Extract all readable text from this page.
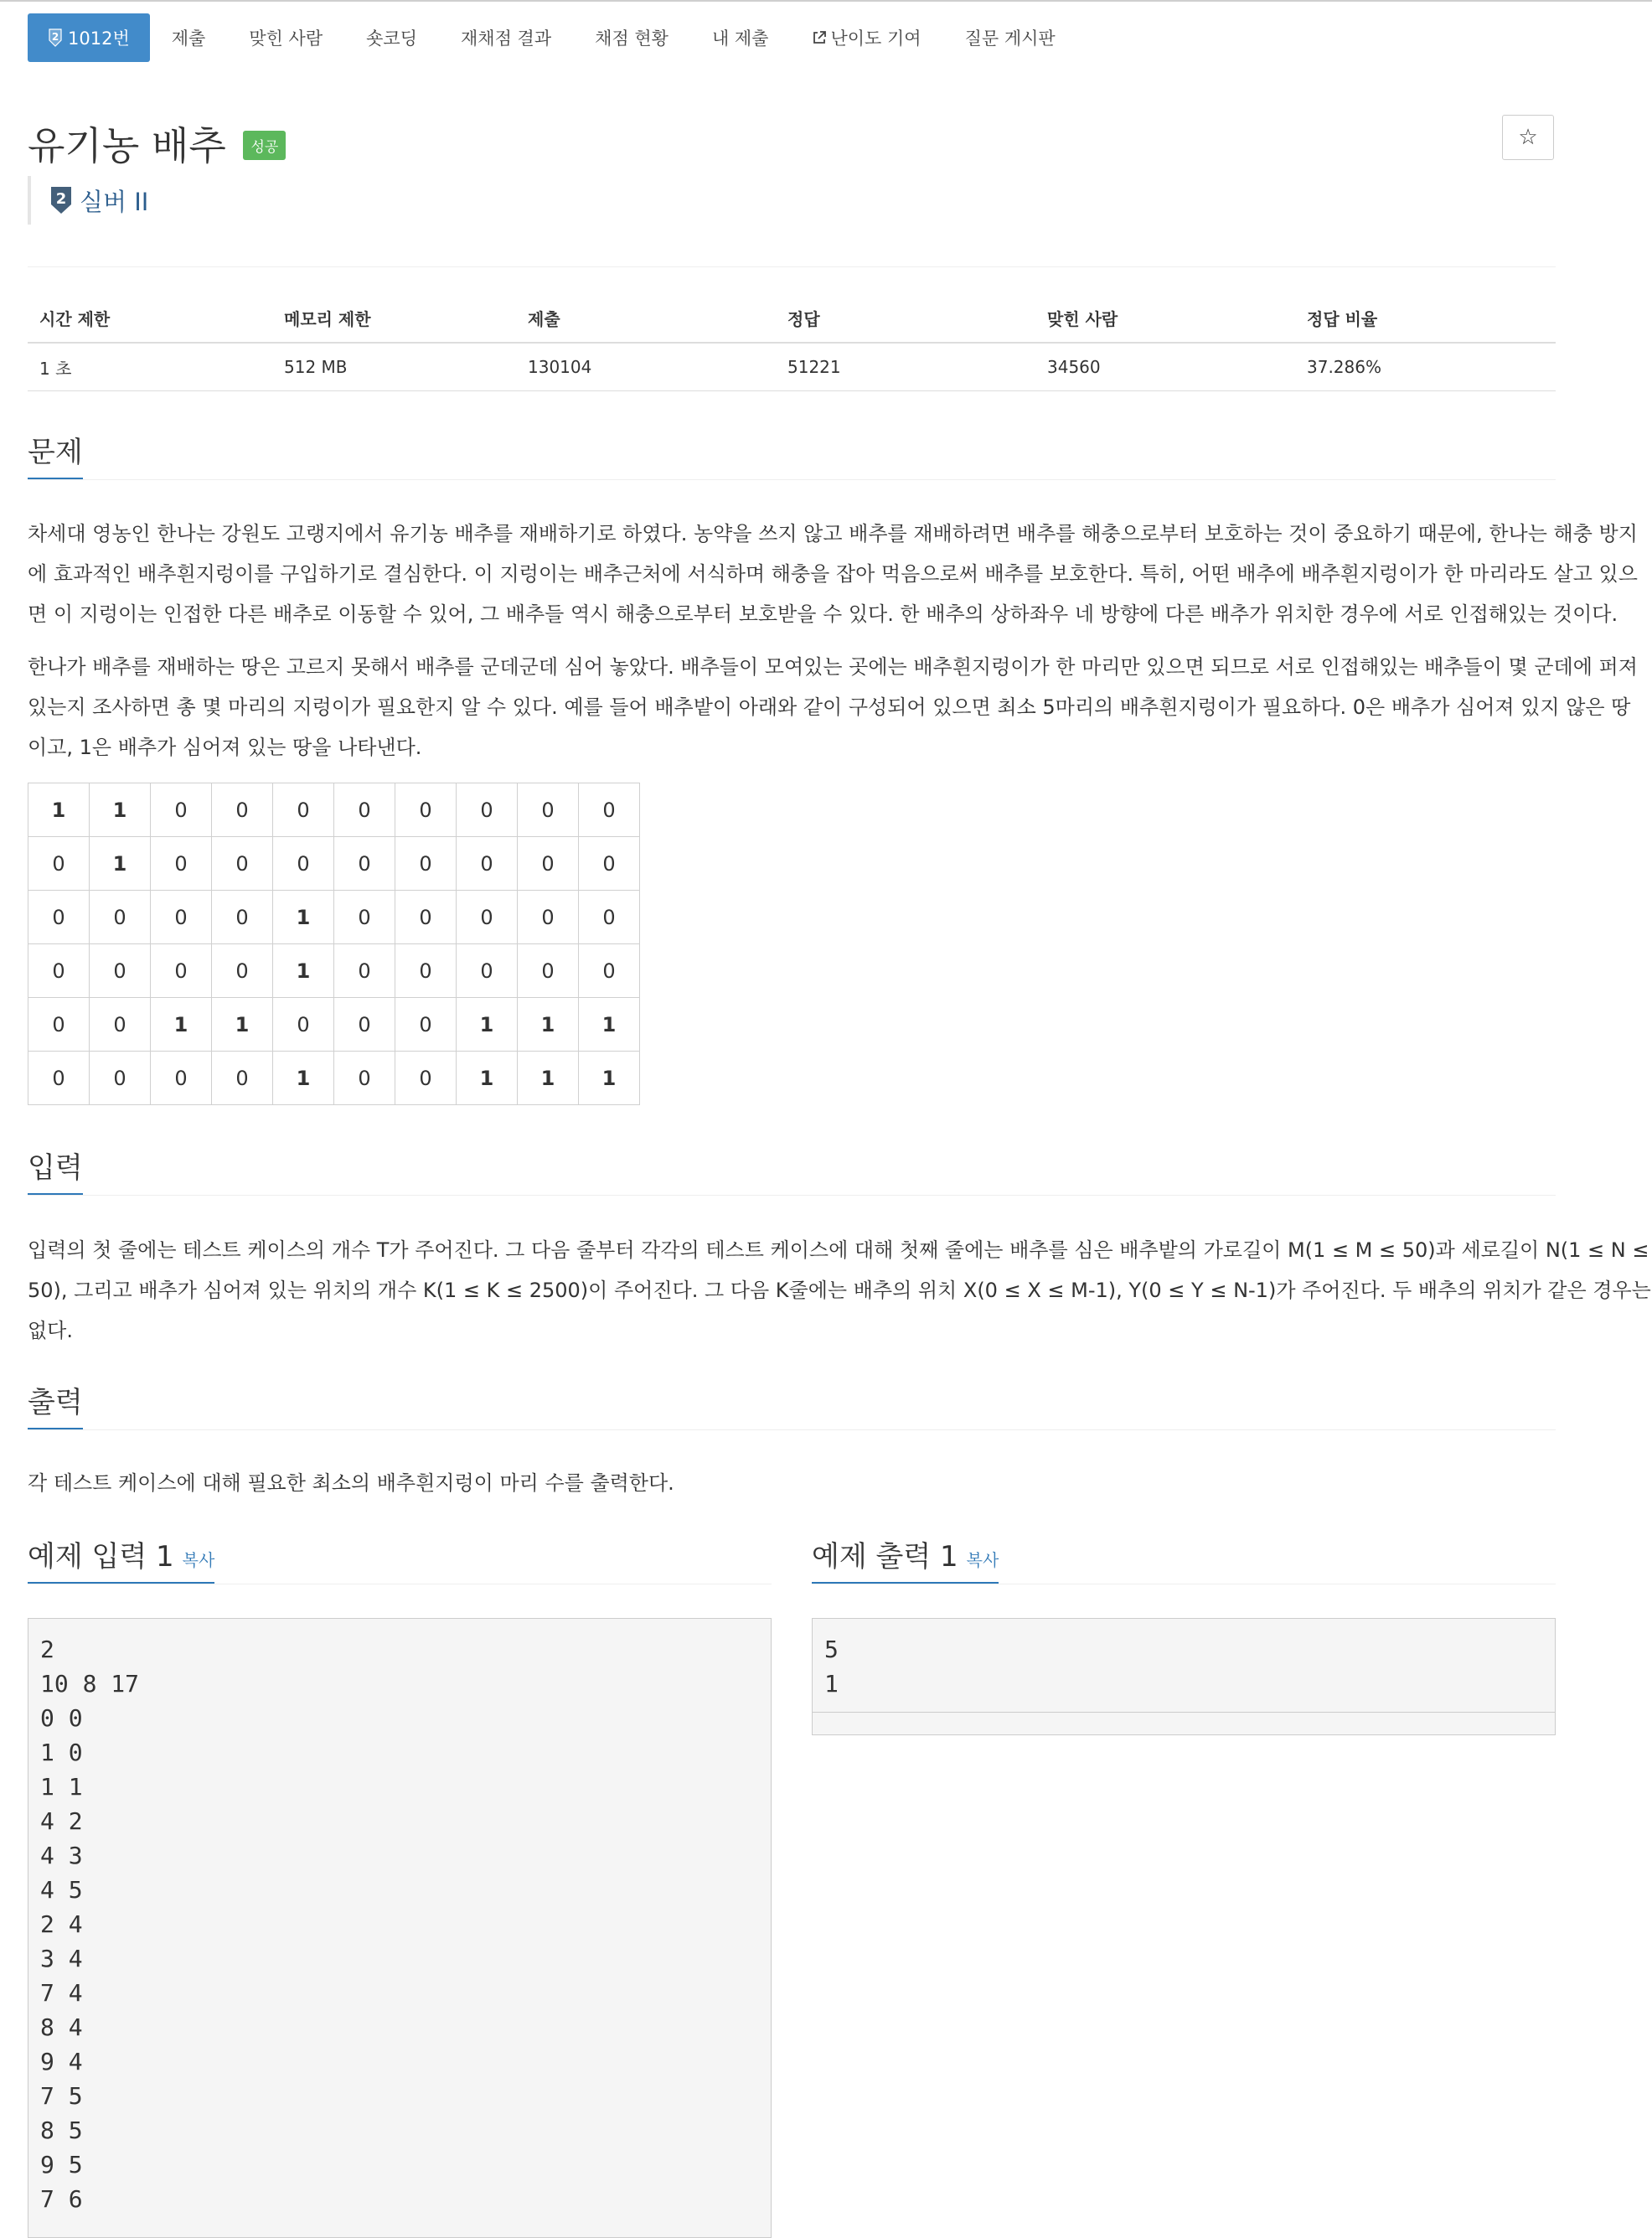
2 1012번 제출 맞힌 사람 숏코딩 재채점 결과 채점 현황 내 제출	난이도 기여 질문 게시판
유기농 배추 성공	☆
2 실버 II
시간 제한	메모리 제한	제출	정답	맞힌 사람	정답 비율
1 초	512 MB	130104	51221	34560	37.286%
문제
차세대 영농인 한나는 강원도 고랭지에서 유기농 배추를 재배하기로 하였다. 농약을 쓰지 않고 배추를 재배하려면 배추를 해충으로부터 보호하는 것이 중요하기 때문에, 한나는 해충 방지
에 효과적인 배추흰지렁이를 구입하기로 결심한다. 이 지렁이는 배추근처에 서식하며 해충을 잡아 먹음으로써 배추를 보호한다. 특히, 어떤 배추에 배추흰지렁이가 한 마리라도 살고 있으
면 이 지렁이는 인접한 다른 배추로 이동할 수 있어, 그 배추들 역시 해충으로부터 보호받을 수 있다. 한 배추의 상하좌우 네 방향에 다른 배추가 위치한 경우에 서로 인접해있는 것이다.
한나가 배추를 재배하는 땅은 고르지 못해서 배추를 군데군데 심어 놓았다. 배추들이 모여있는 곳에는 배추흰지렁이가 한 마리만 있으면 되므로 서로 인접해있는 배추들이 몇 군데에 퍼져
있는지 조사하면 총 몇 마리의 지렁이가 필요한지 알 수 있다. 예를 들어 배추밭이 아래와 같이 구성되어 있으면 최소 5마리의 배추흰지렁이가 필요하다. 0은 배추가 심어져 있지 않은 땅
이고, 1은 배추가 심어져 있는 땅을 나타낸다.
1	1	0	0	0	0	0	0	0	0
0	1	0	0	0	0	0	0	0	0
0	0	0	0	1	0	0	0	0	0
0	0	0	0	1	0	0	0	0	0
0	0	1	1	0	0	0	1	1	1
0	0	0	0	1	0	0	1	1	1
입력
입력의 첫 줄에는 테스트 케이스의 개수 T가 주어진다. 그 다음 줄부터 각각의 테스트 케이스에 대해 첫째 줄에는 배추를 심은 배추밭의 가로길이 M(1 ≤ M ≤ 50)과 세로길이 N(1 ≤ N ≤
50), 그리고 배추가 심어져 있는 위치의 개수 K(1 ≤ K ≤ 2500)이 주어진다. 그 다음 K줄에는 배추의 위치 X(0 ≤ X ≤ M-1), Y(0 ≤ Y ≤ N-1)가 주어진다. 두 배추의 위치가 같은 경우는
없다.
출력
각 테스트 케이스에 대해 필요한 최소의 배추흰지렁이 마리 수를 출력한다.
예제 입력 1 복사
2
10 8 17
0 0
1 0
1 1
4 2
4 3
4 5
2 4
3 4
7 4
8 4
9 4
7 5
8 5
9 5
7 6
예제 출력 1 복사
5
1
